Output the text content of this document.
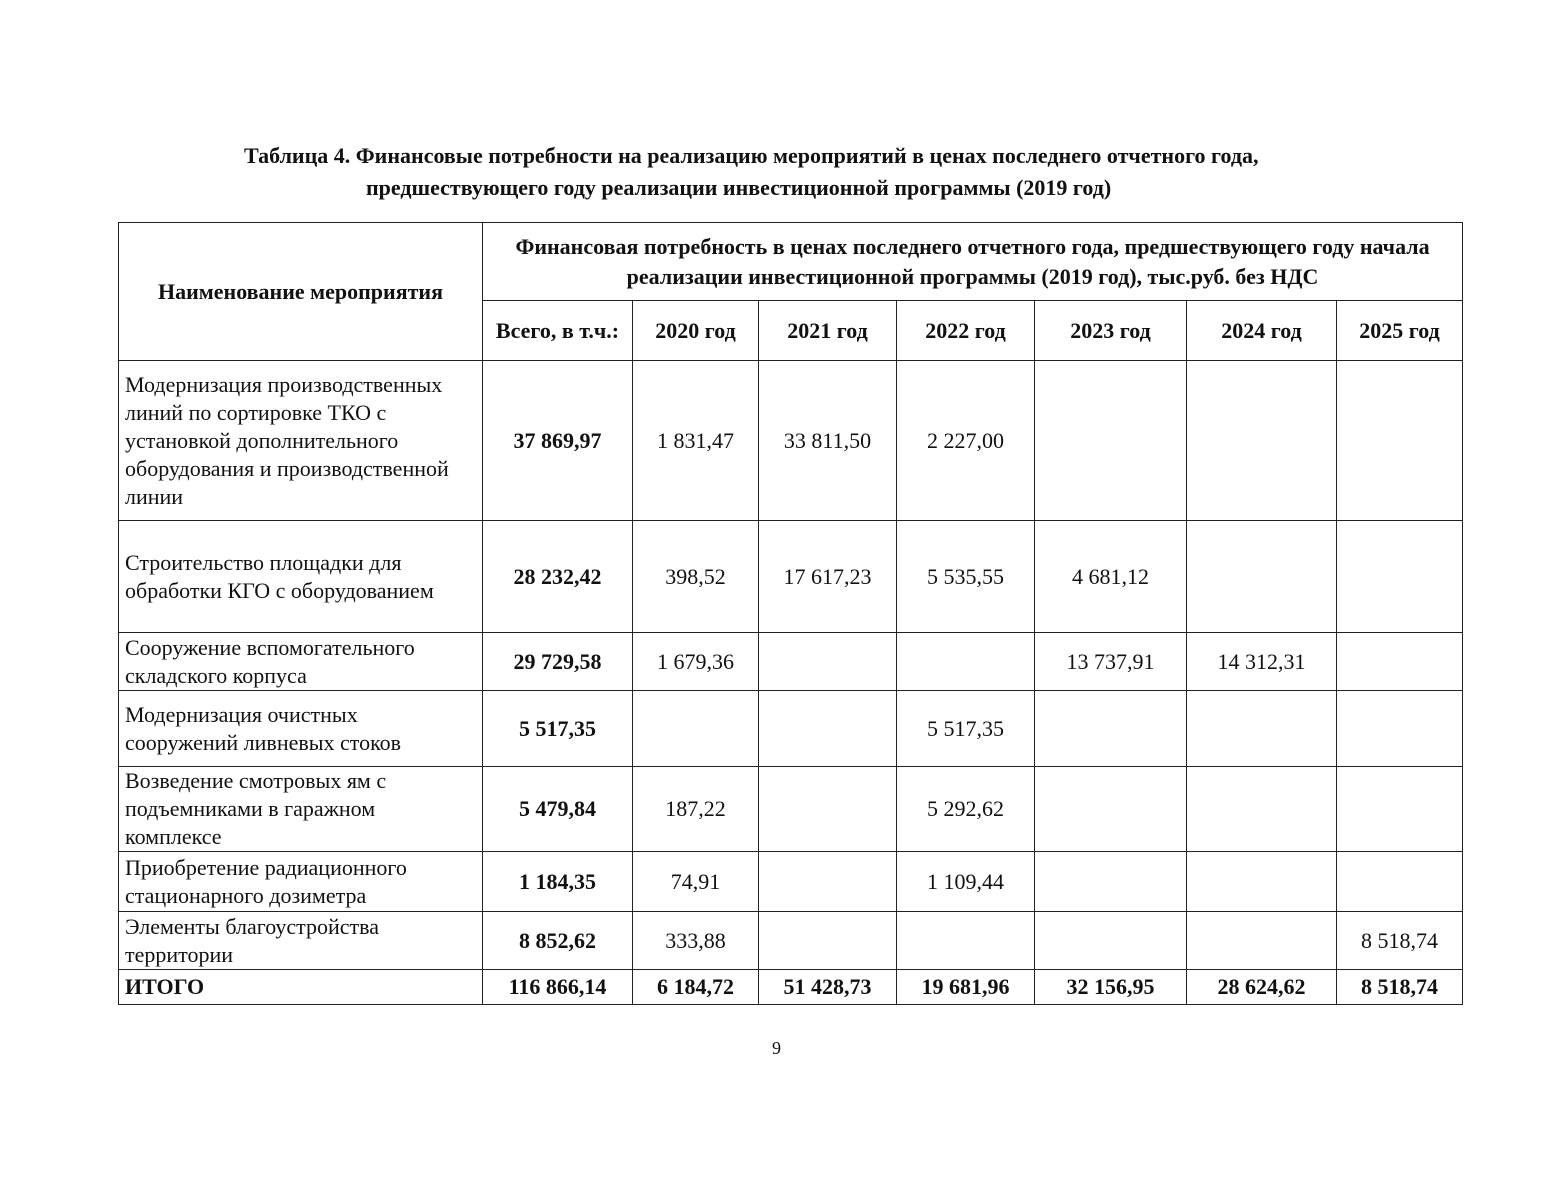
Таблица 4. Финансовые потребности на реализацию мероприятий в ценах последнего отчетного года,
предшествующего году реализации инвестиционной программы (2019 год)
Наименование мероприятия	Финансовая потребность в ценах последнего отчетного года, предшествующего году начала реализации инвестиционной программы (2019 год), тыс.руб. без НДС						
	Всего, в т.ч.:	2020 год	2021 год	2022 год	2023 год	2024 год	2025 год
Модернизация производственных линий по сортировке ТКО с установкой дополнительного оборудования и производственной линии	37 869,97	1 831,47	33 811,50	2 227,00			
Строительство площадки для обработки КГО с оборудованием	28 232,42	398,52	17 617,23	5 535,55	4 681,12		
Сооружение вспомогательного складского корпуса	29 729,58	1 679,36			13 737,91	14 312,31	
Модернизация очистных сооружений ливневых стоков	5 517,35			5 517,35			
Возведение смотровых ям с подъемниками в гаражном комплексе	5 479,84	187,22		5 292,62			
Приобретение радиационного стационарного дозиметра	1 184,35	74,91		1 109,44			
Элементы благоустройства территории	8 852,62	333,88					8 518,74
ИТОГО	116 866,14	6 184,72	51 428,73	19 681,96	32 156,95	28 624,62	8 518,74
9
